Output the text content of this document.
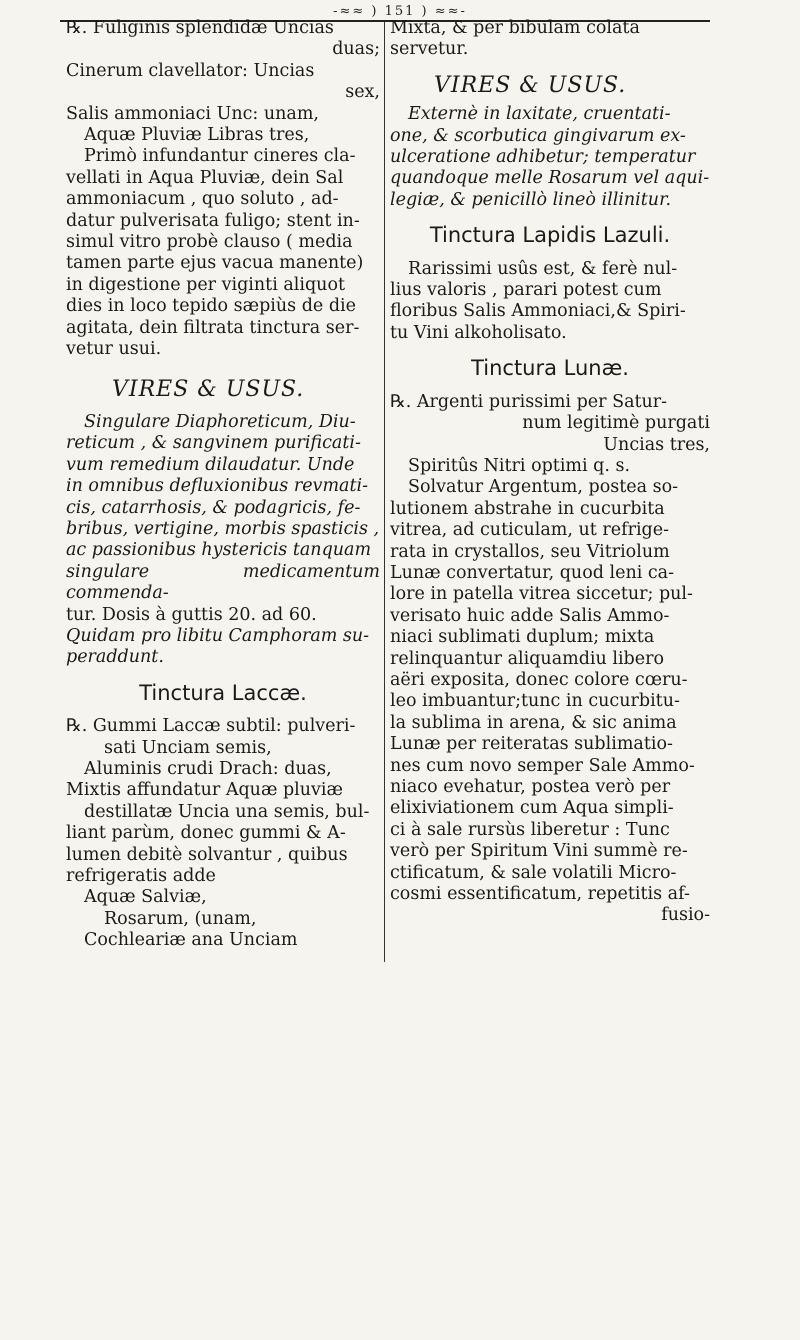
-≈≈ ) 151 ) ≈≈-

℞. Fuliginis splendidæ Uncias

duas;

Cinerum clavellator: Uncias

sex,

Salis ammoniaci Unc: unam,

Aquæ Pluviæ Libras tres,

Primò infundantur cineres cla-

vellati in Aqua Pluviæ, dein Sal

ammoniacum , quo soluto , ad-

datur pulverisata fuligo; stent in-

simul vitro probè clauso ( media

tamen parte ejus vacua manente)

in digestione per viginti aliquot

dies in loco tepido sæpiùs de die

agitata, dein filtrata tinctura ser-

vetur usui.

VIRES & USUS.

Singulare Diaphoreticum, Diu-

reticum , & sangvinem purificati-

vum remedium dilaudatur. Unde

in omnibus defluxionibus revmati-

cis, catarrhosis, & podagricis, fe-

bribus, vertigine, morbis spasticis ,

ac passionibus hystericis tanquam

singulare medicamentum commenda-

tur. Dosis à guttis 20. ad 60.

Quidam pro libitu Camphoram su-

peraddunt.

Tinctura Laccæ.

℞. Gummi Laccæ subtil: pulveri-

sati Unciam semis,

Aluminis crudi Drach: duas,

Mixtis affundatur Aquæ pluviæ

destillatæ Uncia una semis, bul-

liant parùm, donec gummi & A-

lumen debitè solvantur , quibus

refrigeratis adde

Aquæ Salviæ,

Rosarum, (unam,

Cochleariæ ana Unciam

Mixta, & per bibulam colata

servetur.

VIRES & USUS.

Externè in laxitate, cruentati-

one, & scorbutica gingivarum ex-

ulceratione adhibetur; temperatur

quandoque melle Rosarum vel aqui-

legiæ, & penicillò lineò illinitur.

Tinctura Lapidis Lazuli.

Rarissimi usûs est, & ferè nul-

lius valoris , parari potest cum

floribus Salis Ammoniaci,& Spiri-

tu Vini alkoholisato.

Tinctura Lunæ.

℞. Argenti purissimi per Satur-

num legitimè purgati

Uncias tres,

Spiritûs Nitri optimi q. s.

Solvatur Argentum, postea so-

lutionem abstrahe in cucurbita

vitrea, ad cuticulam, ut refrige-

rata in crystallos, seu Vitriolum

Lunæ convertatur, quod leni ca-

lore in patella vitrea siccetur; pul-

verisato huic adde Salis Ammo-

niaci sublimati duplum; mixta

relinquantur aliquamdiu libero

aëri exposita, donec colore cœru-

leo imbuantur;tunc in cucurbitu-

la sublima in arena, & sic anima

Lunæ per reiteratas sublimatio-

nes cum novo semper Sale Ammo-

niaco evehatur, postea verò per

elixiviationem cum Aqua simpli-

ci à sale rursùs liberetur : Tunc

verò per Spiritum Vini summè re-

ctificatum, & sale volatili Micro-

cosmi essentificatum, repetitis af-

fusio-
